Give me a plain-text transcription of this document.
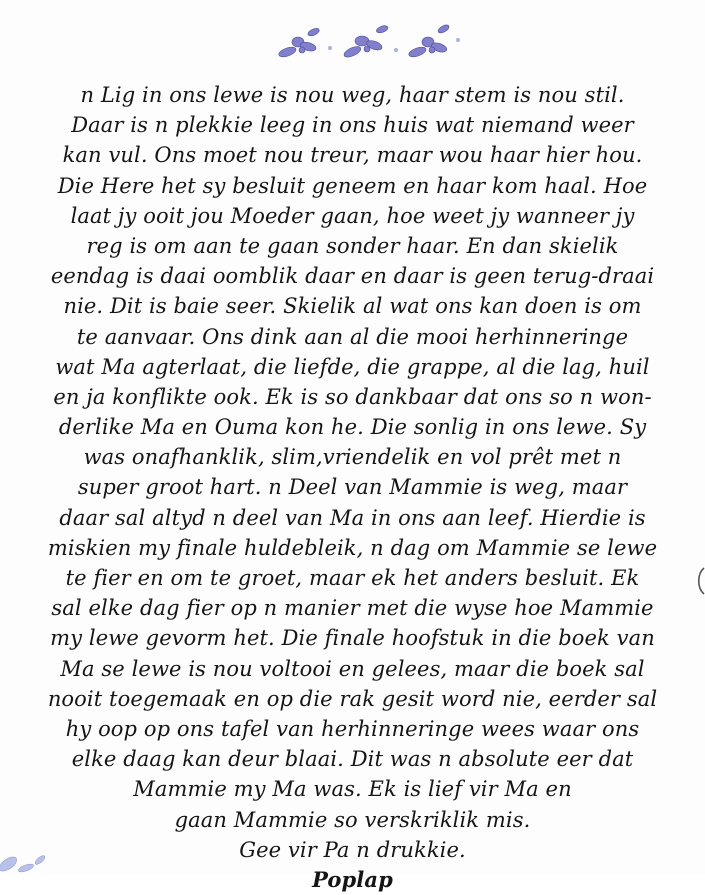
n Lig in ons lewe is nou weg, haar stem is nou stil.
Daar is n plekkie leeg in ons huis wat niemand weer
kan vul. Ons moet nou treur, maar wou haar hier hou.
Die Here het sy besluit geneem en haar kom haal. Hoe
laat jy ooit jou Moeder gaan, hoe weet jy wanneer jy
reg is om aan te gaan sonder haar. En dan skielik
eendag is daai oomblik daar en daar is geen terug-draai
nie. Dit is baie seer. Skielik al wat ons kan doen is om
te aanvaar. Ons dink aan al die mooi herhinneringe
wat Ma agterlaat, die liefde, die grappe, al die lag, huil
en ja konflikte ook. Ek is so dankbaar dat ons so n won-
derlike Ma en Ouma kon he. Die sonlig in ons lewe. Sy
was onafhanklik, slim,vriendelik en vol prêt met n
super groot hart. n Deel van Mammie is weg, maar
daar sal altyd n deel van Ma in ons aan leef. Hierdie is
miskien my finale huldebleik, n dag om Mammie se lewe
te fier en om te groet, maar ek het anders besluit. Ek
sal elke dag fier op n manier met die wyse hoe Mammie
my lewe gevorm het. Die finale hoofstuk in die boek van
Ma se lewe is nou voltooi en gelees, maar die boek sal
nooit toegemaak en op die rak gesit word nie, eerder sal
hy oop op ons tafel van herhinneringe wees waar ons
elke daag kan deur blaai. Dit was n absolute eer dat
Mammie my Ma was. Ek is lief vir Ma en
gaan Mammie so verskriklik mis.
Gee vir Pa n drukkie.
Poplap
